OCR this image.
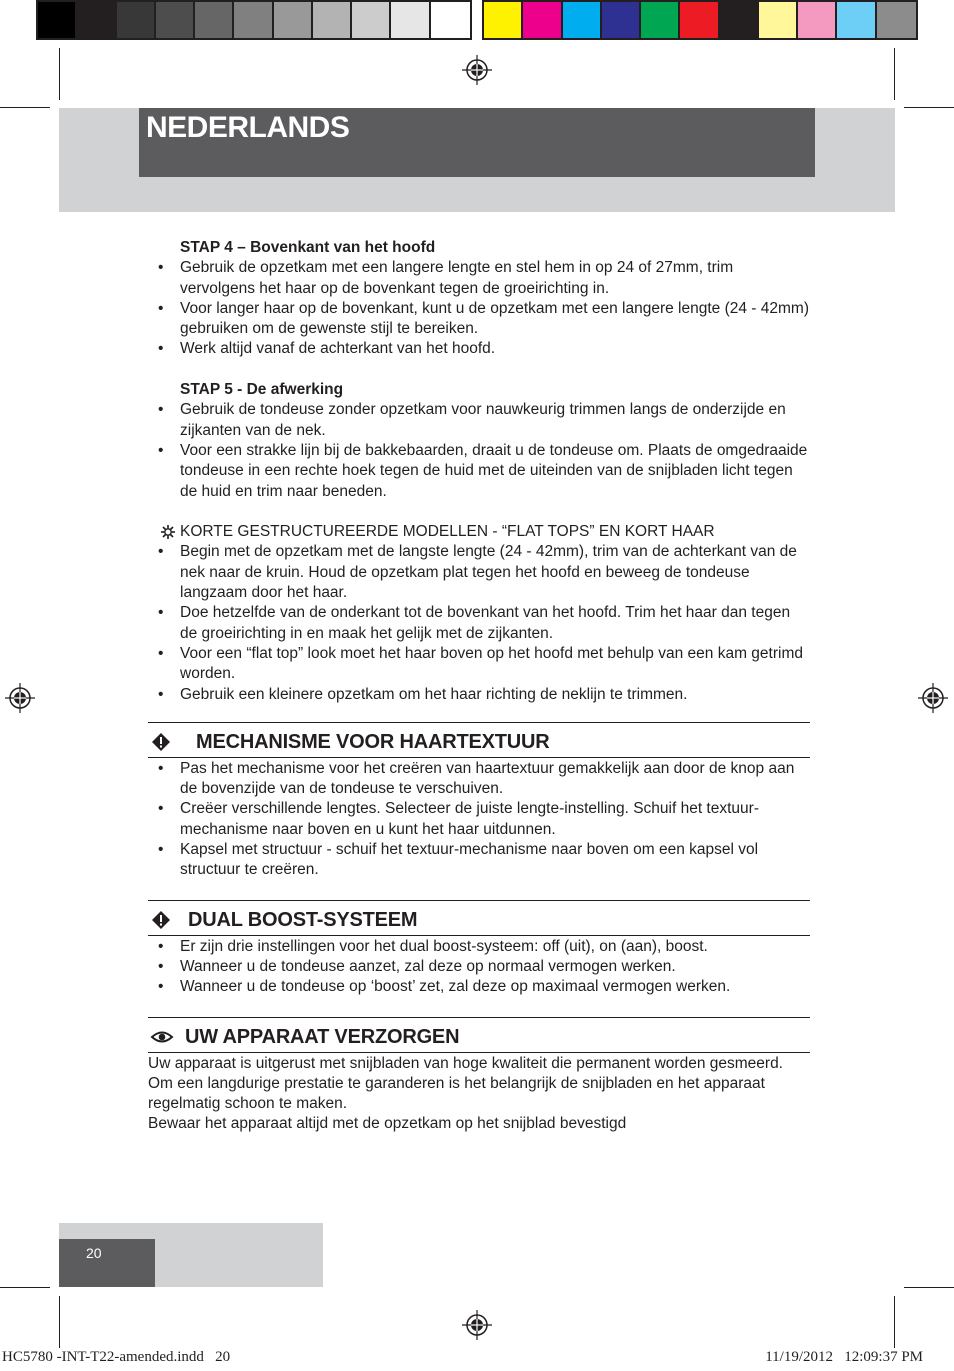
NEDERLANDS

STAP 4 – Bovenkant van het hoofd

• Gebruik de opzetkam met een langere lengte en stel hem in op 24 of 27mm, trim vervolgens het haar op de bovenkant tegen de groeirichting in.
• Voor langer haar op de bovenkant, kunt u de opzetkam met een langere lengte (24 - 42mm) gebruiken om de gewenste stijl te bereiken.
• Werk altijd vanaf de achterkant van het hoofd.

STAP 5 - De afwerking

• Gebruik de tondeuse zonder opzetkam voor nauwkeurig trimmen langs de onderzijde en zijkanten van de nek.
• Voor een strakke lijn bij de bakkebaarden, draait u de tondeuse om. Plaats de omgedraaide tondeuse in een rechte hoek tegen de huid met de uiteinden van de snijbladen licht tegen de huid en trim naar beneden.
KORTE GESTRUCTUREERDE MODELLEN - “FLAT TOPS” EN KORT HAAR
• Begin met de opzetkam met de langste lengte (24 - 42mm), trim van de achterkant van de nek naar de kruin. Houd de opzetkam plat tegen het hoofd en beweeg de tondeuse langzaam door het haar.
• Doe hetzelfde van de onderkant tot de bovenkant van het hoofd. Trim het haar dan tegen de groeirichting in en maak het gelijk met de zijkanten.
• Voor een “flat top” look moet het haar boven op het hoofd met behulp van een kam getrimd worden.
• Gebruik een kleinere opzetkam om het haar richting de neklijn te trimmen.
MECHANISME VOOR HAARTEXTUUR
• Pas het mechanisme voor het creëren van haartextuur gemakkelijk aan door de knop aan de bovenzijde van de tondeuse te verschuiven.
• Creëer verschillende lengtes. Selecteer de juiste lengte-instelling. Schuif het textuur-mechanisme naar boven en u kunt het haar uitdunnen.
• Kapsel met structuur - schuif het textuur-mechanisme naar boven om een kapsel vol structuur te creëren.
DUAL BOOST-SYSTEEM
• Er zijn drie instellingen voor het dual boost-systeem: off (uit), on (aan), boost.
• Wanneer u de tondeuse aanzet, zal deze op normaal vermogen werken.
• Wanneer u de tondeuse op ‘boost’ zet, zal deze op maximaal vermogen werken.
UW APPARAAT VERZORGEN
Uw apparaat is uitgerust met snijbladen van hoge kwaliteit die permanent worden gesmeerd.
Om een langdurige prestatie te garanderen is het belangrijk de snijbladen en het apparaat regelmatig schoon te maken.
Bewaar het apparaat altijd met de opzetkam op het snijblad bevestigd
20
HC5780 -INT-T22-amended.indd   20	11/19/2012   12:09:37 PM
